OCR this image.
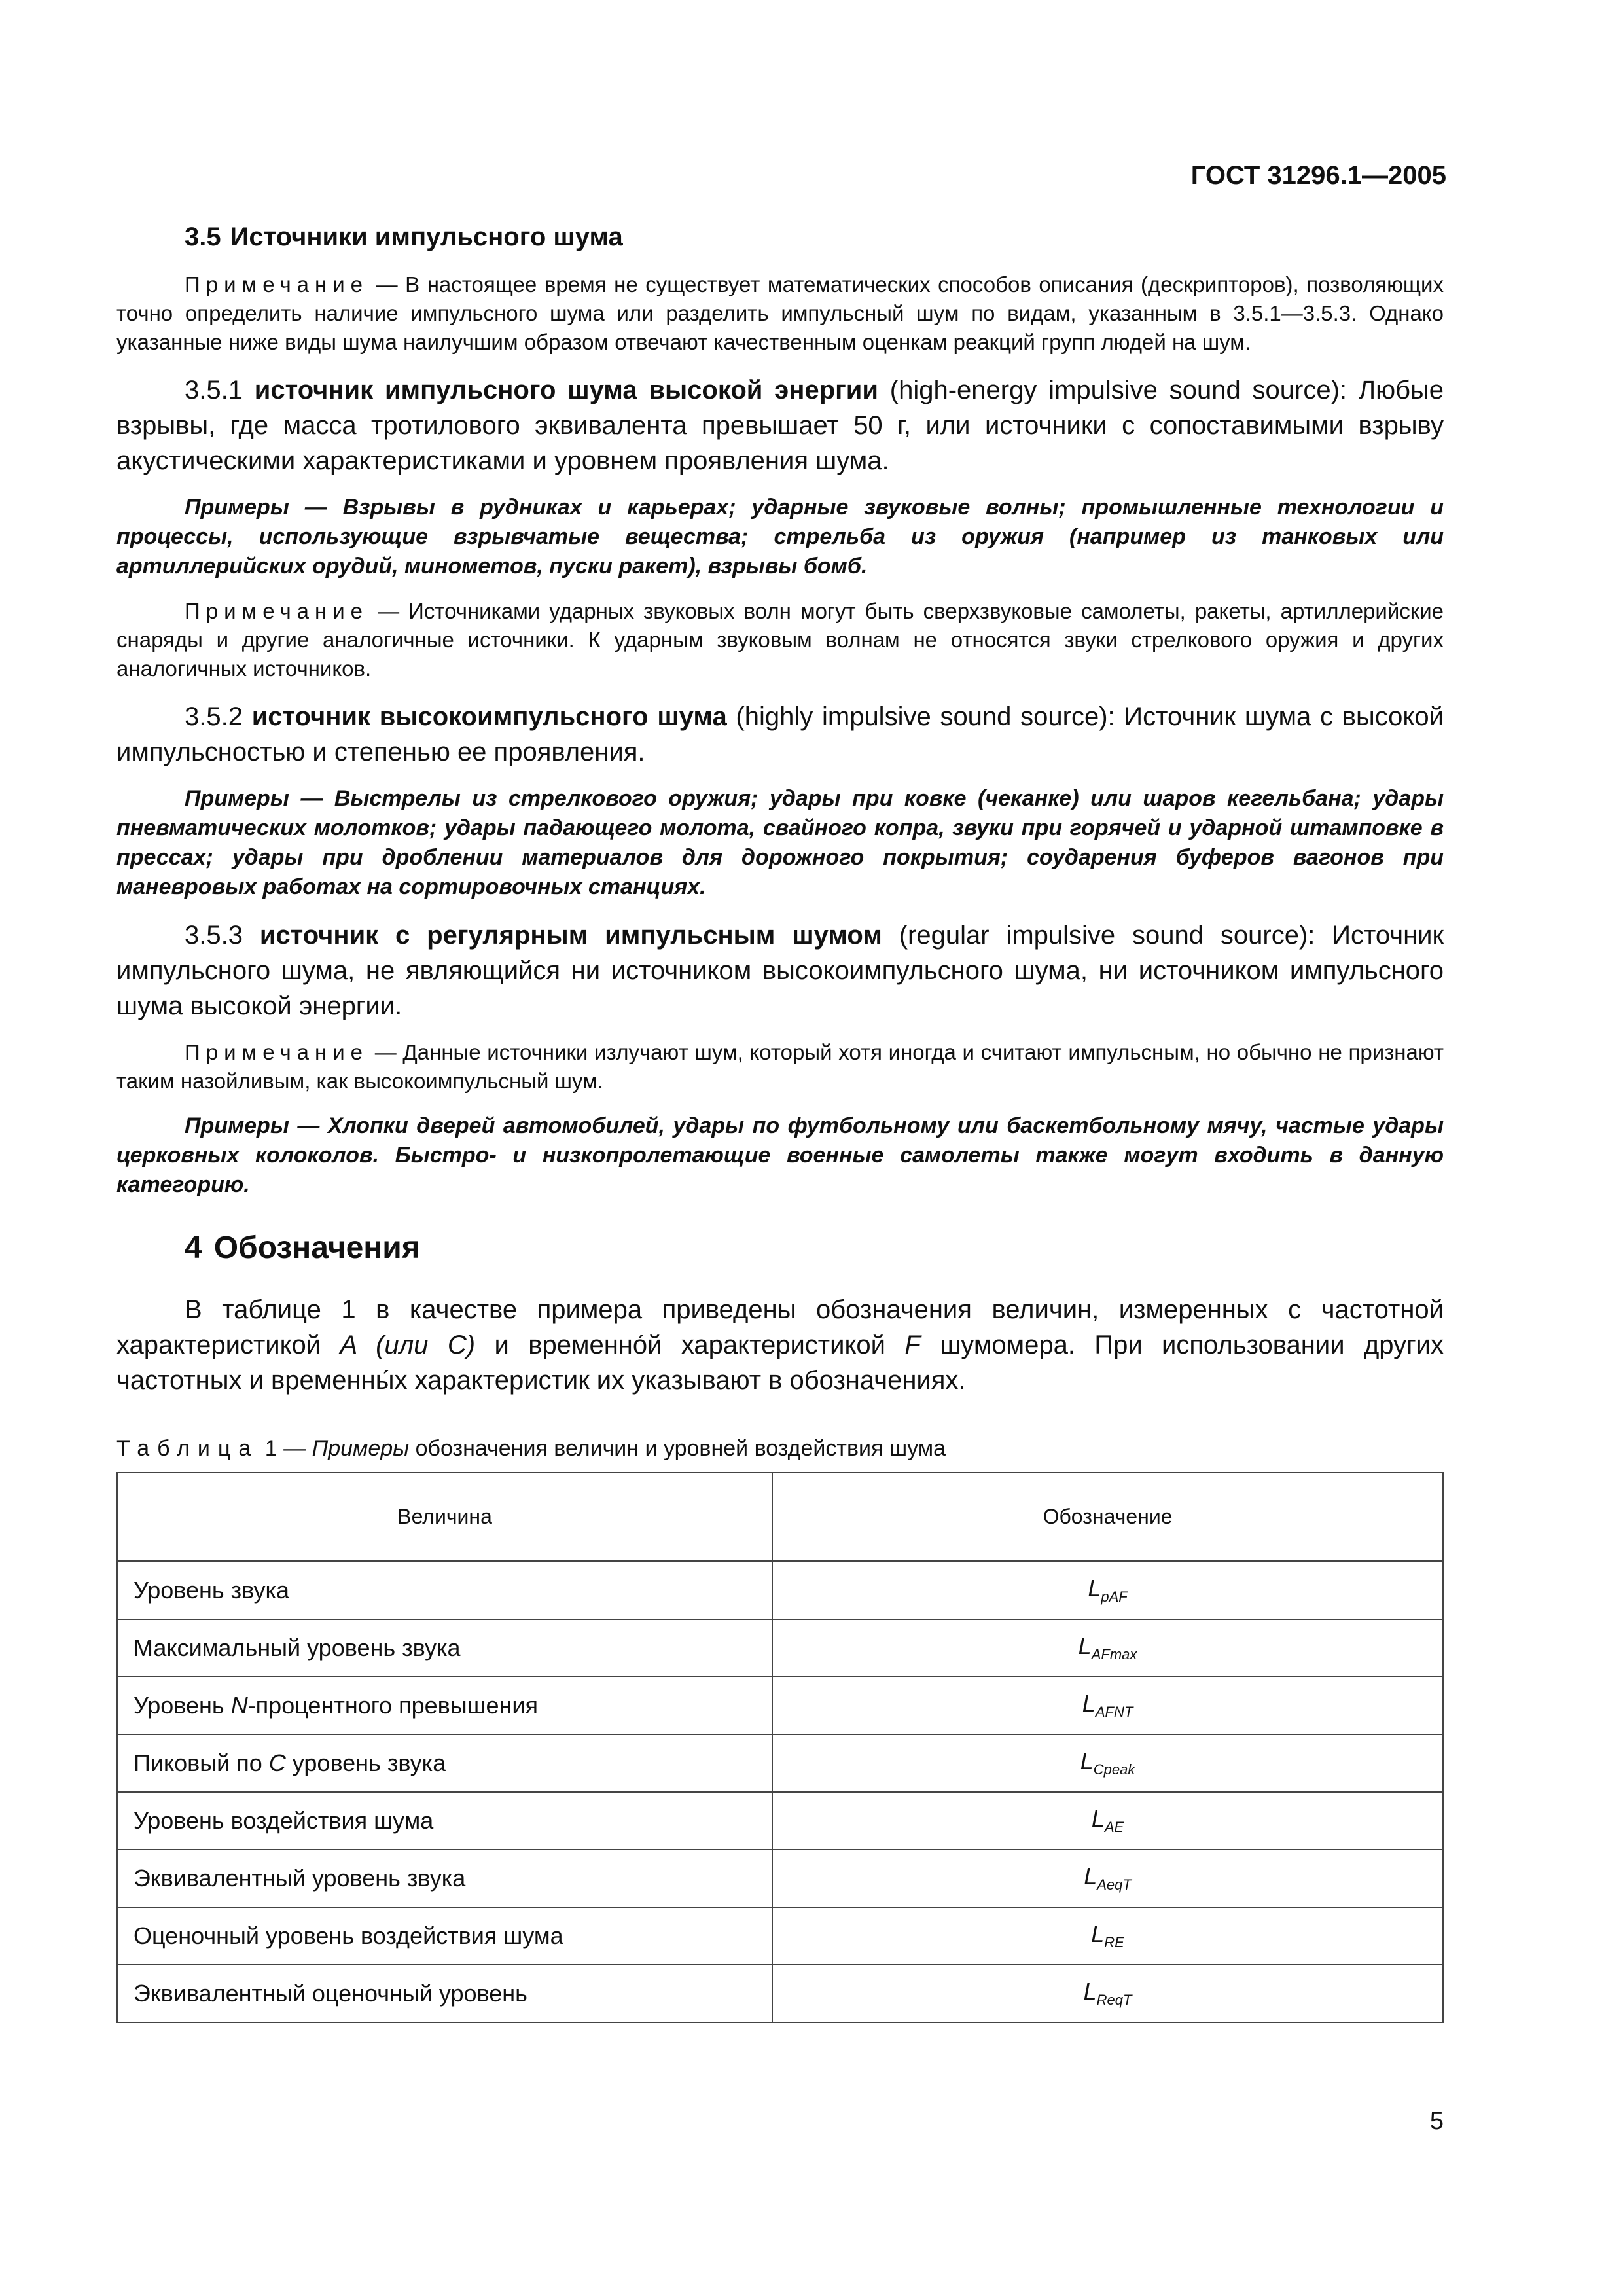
ГОСТ 31296.1—2005
3.5 Источники импульсного шума

Примечание — В настоящее время не существует математических способов описания (дескрипторов), позволяющих точно определить наличие импульсного шума или разделить импульсный шум по видам, указанным в 3.5.1—3.5.3. Однако указанные ниже виды шума наилучшим образом отвечают качественным оценкам реакций групп людей на шум.

3.5.1 источник импульсного шума высокой энергии (high-energy impulsive sound source): Любые взрывы, где масса тротилового эквивалента превышает 50 г, или источники с сопоставимыми взрыву акустическими характеристиками и уровнем проявления шума.

Примеры — Взрывы в рудниках и карьерах; ударные звуковые волны; промышленные технологии и процессы, использующие взрывчатые вещества; стрельба из оружия (например из танковых или артиллерийских орудий, минометов, пуски ракет), взрывы бомб.

Примечание — Источниками ударных звуковых волн могут быть сверхзвуковые самолеты, ракеты, артиллерийские снаряды и другие аналогичные источники. К ударным звуковым волнам не относятся звуки стрелкового оружия и других аналогичных источников.

3.5.2 источник высокоимпульсного шума (highly impulsive sound source): Источник шума с высокой импульсностью и степенью ее проявления.

Примеры — Выстрелы из стрелкового оружия; удары при ковке (чеканке) или шаров кегельбана; удары пневматических молотков; удары падающего молота, свайного копра, звуки при горячей и ударной штамповке в прессах; удары при дроблении материалов для дорожного покрытия; соударения буферов вагонов при маневровых работах на сортировочных станциях.

3.5.3 источник с регулярным импульсным шумом (regular impulsive sound source): Источник импульсного шума, не являющийся ни источником высокоимпульсного шума, ни источником импульсного шума высокой энергии.

Примечание — Данные источники излучают шум, который хотя иногда и считают импульсным, но обычно не признают таким назойливым, как высокоимпульсный шум.

Примеры — Хлопки дверей автомобилей, удары по футбольному или баскетбольному мячу, частые удары церковных колоколов. Быстро- и низкопролетающие военные самолеты также могут входить в данную категорию.

4 Обозначения

В таблице 1 в качестве примера приведены обозначения величин, измеренных с частотной характеристикой A (или C) и временно́й характеристикой F шумомера. При использовании других частотных и временны́х характеристик их указывают в обозначениях.

Таблица 1 — Примеры обозначения величин и уровней воздействия шума
Величина	Обозначение
Уровень звука	$L_{pAF}$
Максимальный уровень звука	$L_{AFmax}$
Уровень N-процентного превышения	$L_{AFNT}$
Пиковый по С уровень звука	$L_{Cpeak}$
Уровень воздействия шума	$L_{AE}$
Эквивалентный уровень звука	$L_{AeqT}$
Оценочный уровень воздействия шума	$L_{RE}$
Эквивалентный оценочный уровень	$L_{ReqT}$
5
